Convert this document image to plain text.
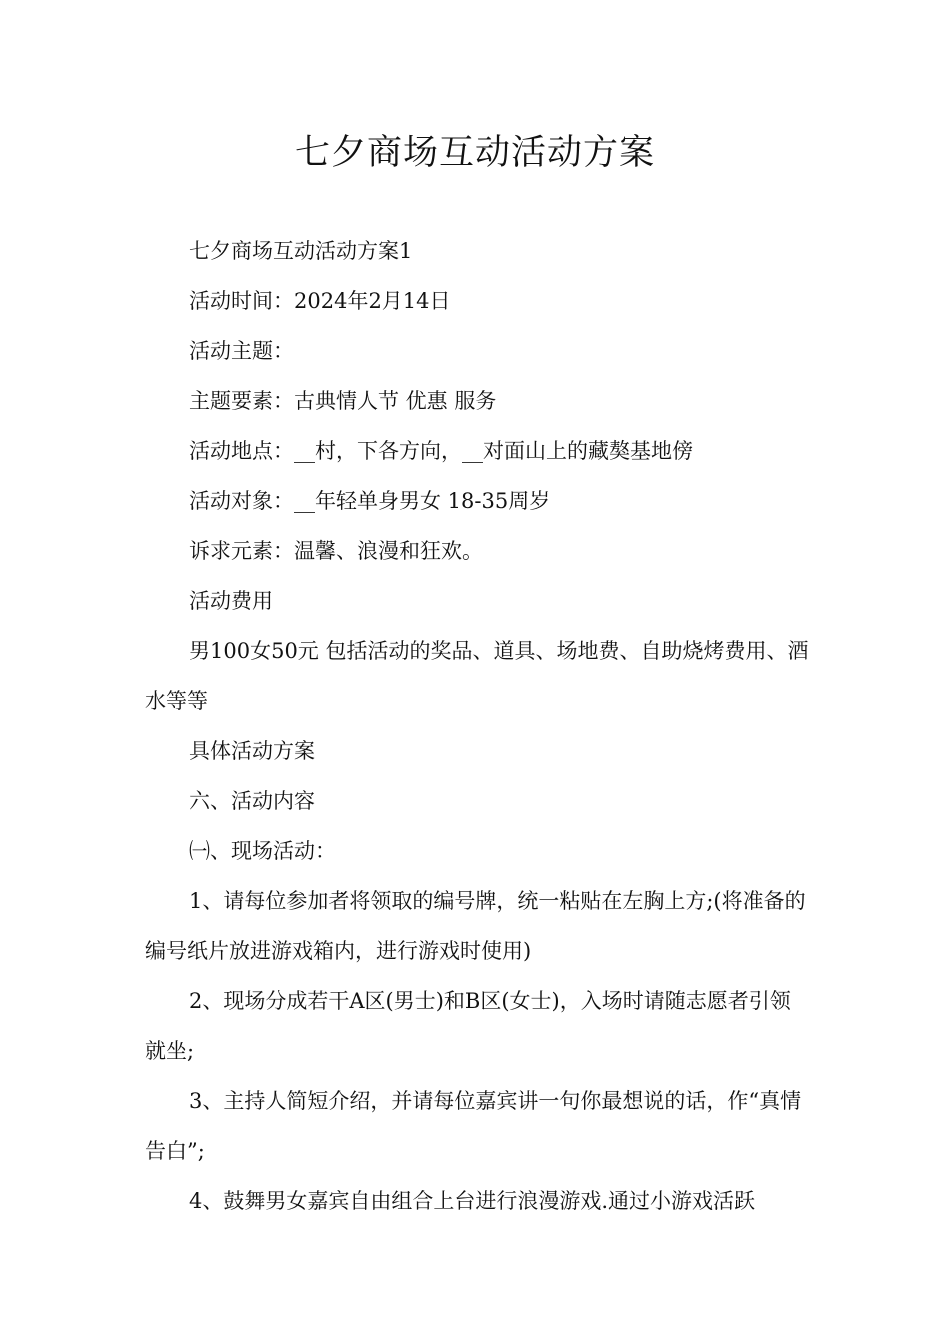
七夕商场互动活动方案

七夕商场互动活动方案1

活动时间：2024年2月14日

活动主题：

主题要素：古典情人节 优惠 服务

活动地点：__村，下各方向，__对面山上的藏獒基地傍

活动对象：__年轻单身男女 18-35周岁

诉求元素：温馨、浪漫和狂欢。

活动费用

男100女50元 包括活动的奖品、道具、场地费、自助烧烤费用、酒水等等

具体活动方案

六、活动内容

㈠、现场活动：

1、请每位参加者将领取的编号牌，统一粘贴在左胸上方;(将准备的编号纸片放进游戏箱内，进行游戏时使用)

2、现场分成若干A区(男士)和B区(女士)，入场时请随志愿者引领就坐;

3、主持人简短介绍，并请每位嘉宾讲一句你最想说的话，作“真情告白”;

4、鼓舞男女嘉宾自由组合上台进行浪漫游戏.通过小游戏活跃
